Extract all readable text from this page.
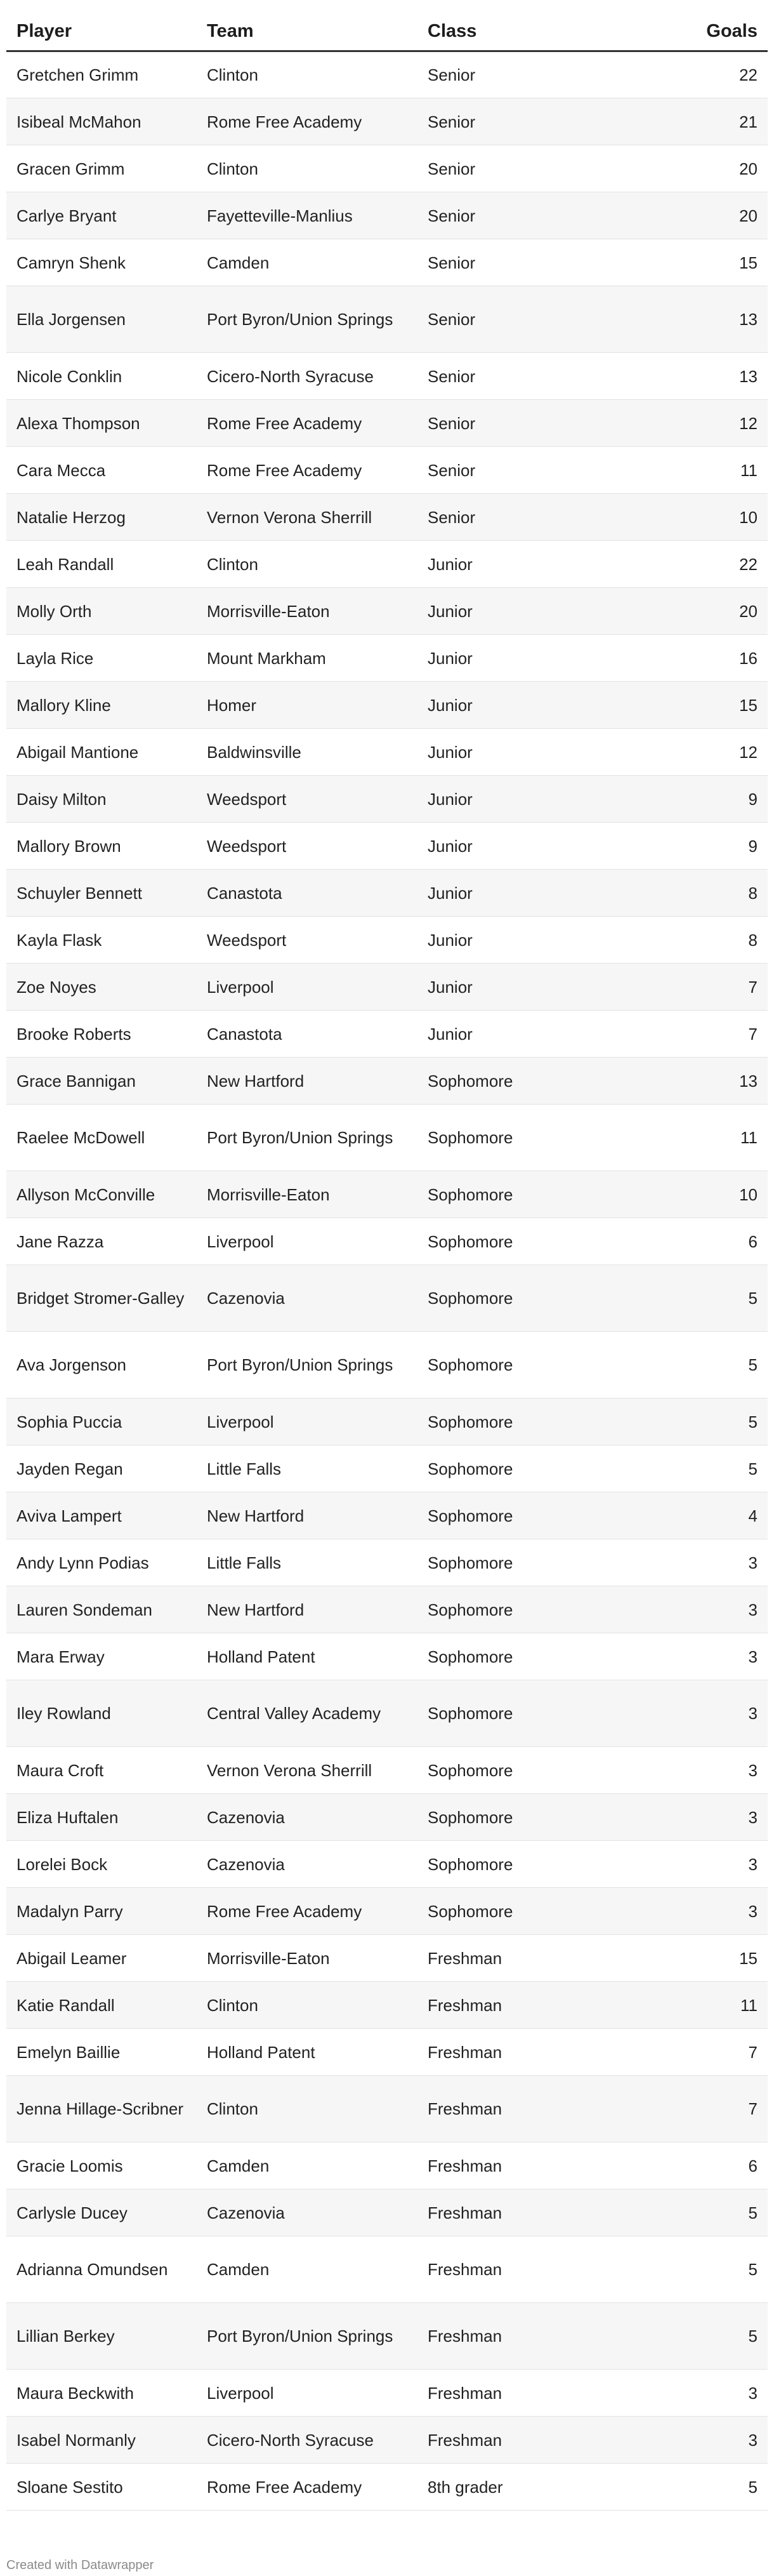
Player	Team	Class	Goals
Gretchen Grimm	Clinton	Senior	22
Isibeal McMahon	Rome Free Academy	Senior	21
Gracen Grimm	Clinton	Senior	20
Carlye Bryant	Fayetteville-Manlius	Senior	20
Camryn Shenk	Camden	Senior	15
Ella Jorgensen	Port Byron/Union Springs	Senior	13
Nicole Conklin	Cicero-North Syracuse	Senior	13
Alexa Thompson	Rome Free Academy	Senior	12
Cara Mecca	Rome Free Academy	Senior	11
Natalie Herzog	Vernon Verona Sherrill	Senior	10
Leah Randall	Clinton	Junior	22
Molly Orth	Morrisville-Eaton	Junior	20
Layla Rice	Mount Markham	Junior	16
Mallory Kline	Homer	Junior	15
Abigail Mantione	Baldwinsville	Junior	12
Daisy Milton	Weedsport	Junior	9
Mallory Brown	Weedsport	Junior	9
Schuyler Bennett	Canastota	Junior	8
Kayla Flask	Weedsport	Junior	8
Zoe Noyes	Liverpool	Junior	7
Brooke Roberts	Canastota	Junior	7
Grace Bannigan	New Hartford	Sophomore	13
Raelee McDowell	Port Byron/Union Springs	Sophomore	11
Allyson McConville	Morrisville-Eaton	Sophomore	10
Jane Razza	Liverpool	Sophomore	6
Bridget Stromer-Galley	Cazenovia	Sophomore	5
Ava Jorgenson	Port Byron/Union Springs	Sophomore	5
Sophia Puccia	Liverpool	Sophomore	5
Jayden Regan	Little Falls	Sophomore	5
Aviva Lampert	New Hartford	Sophomore	4
Andy Lynn Podias	Little Falls	Sophomore	3
Lauren Sondeman	New Hartford	Sophomore	3
Mara Erway	Holland Patent	Sophomore	3
Iley Rowland	Central Valley Academy	Sophomore	3
Maura Croft	Vernon Verona Sherrill	Sophomore	3
Eliza Huftalen	Cazenovia	Sophomore	3
Lorelei Bock	Cazenovia	Sophomore	3
Madalyn Parry	Rome Free Academy	Sophomore	3
Abigail Leamer	Morrisville-Eaton	Freshman	15
Katie Randall	Clinton	Freshman	11
Emelyn Baillie	Holland Patent	Freshman	7
Jenna Hillage-Scribner	Clinton	Freshman	7
Gracie Loomis	Camden	Freshman	6
Carlysle Ducey	Cazenovia	Freshman	5
Adrianna Omundsen	Camden	Freshman	5
Lillian Berkey	Port Byron/Union Springs	Freshman	5
Maura Beckwith	Liverpool	Freshman	3
Isabel Normanly	Cicero-North Syracuse	Freshman	3
Sloane Sestito	Rome Free Academy	8th grader	5
Created with Datawrapper
